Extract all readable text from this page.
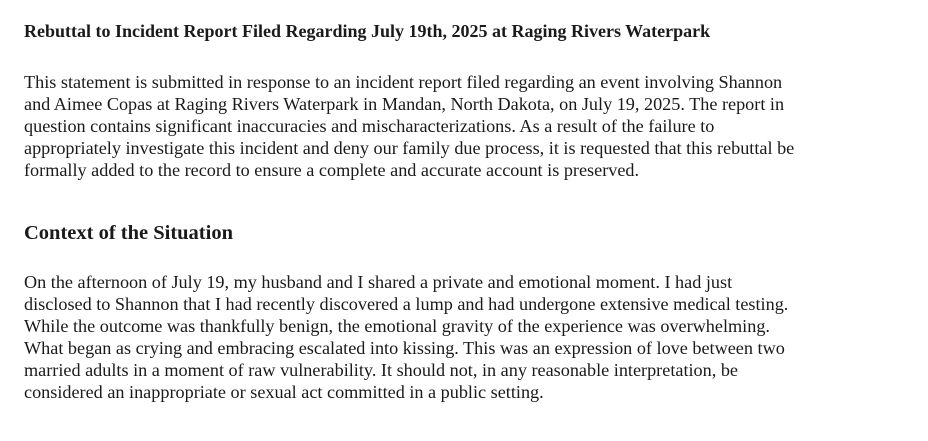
Rebuttal to Incident Report Filed Regarding July 19th, 2025 at Raging Rivers Waterpark

This statement is submitted in response to an incident report filed regarding an event involving Shannon

and Aimee Copas at Raging Rivers Waterpark in Mandan, North Dakota, on July 19, 2025. The report in

question contains significant inaccuracies and mischaracterizations. As a result of the failure to

appropriately investigate this incident and deny our family due process, it is requested that this rebuttal be

formally added to the record to ensure a complete and accurate account is preserved.

Context of the Situation

On the afternoon of July 19, my husband and I shared a private and emotional moment. I had just

disclosed to Shannon that I had recently discovered a lump and had undergone extensive medical testing.

While the outcome was thankfully benign, the emotional gravity of the experience was overwhelming.

What began as crying and embracing escalated into kissing. This was an expression of love between two

married adults in a moment of raw vulnerability. It should not, in any reasonable interpretation, be

considered an inappropriate or sexual act committed in a public setting.
